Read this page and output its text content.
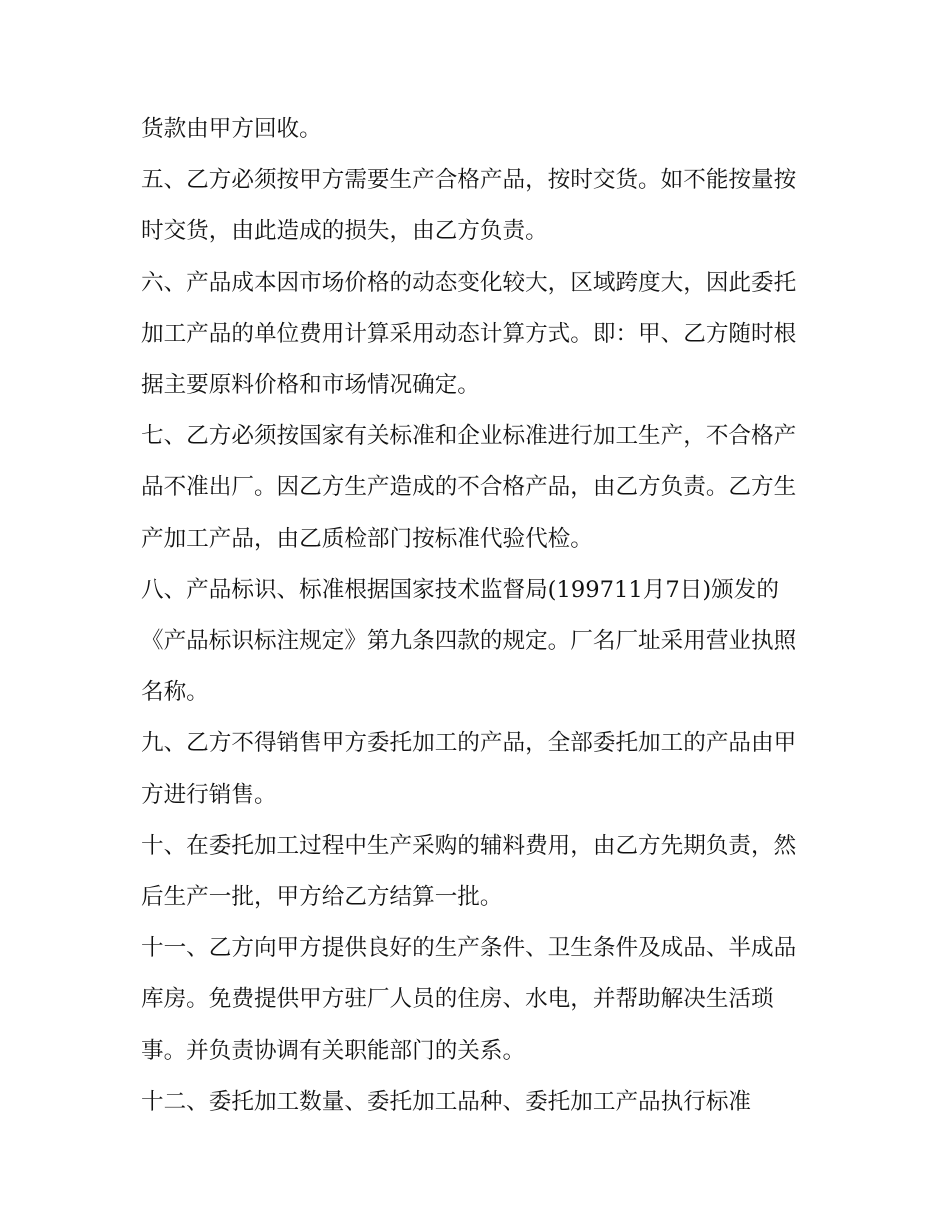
货款由甲方回收。

五、乙方必须按甲方需要生产合格产品，按时交货。如不能按量按时交货，由此造成的损失，由乙方负责。

六、产品成本因市场价格的动态变化较大，区域跨度大，因此委托加工产品的单位费用计算采用动态计算方式。即：甲、乙方随时根据主要原料价格和市场情况确定。

七、乙方必须按国家有关标准和企业标准进行加工生产，不合格产品不准出厂。因乙方生产造成的不合格产品，由乙方负责。乙方生产加工产品，由乙质检部门按标准代验代检。

八、产品标识、标准根据国家技术监督局(199711月7日)颁发的《产品标识标注规定》第九条四款的规定。厂名厂址采用营业执照名称。

九、乙方不得销售甲方委托加工的产品，全部委托加工的产品由甲方进行销售。

十、在委托加工过程中生产采购的辅料费用，由乙方先期负责，然后生产一批，甲方给乙方结算一批。

十一、乙方向甲方提供良好的生产条件、卫生条件及成品、半成品库房。免费提供甲方驻厂人员的住房、水电，并帮助解决生活琐事。并负责协调有关职能部门的关系。

十二、委托加工数量、委托加工品种、委托加工产品执行标准
